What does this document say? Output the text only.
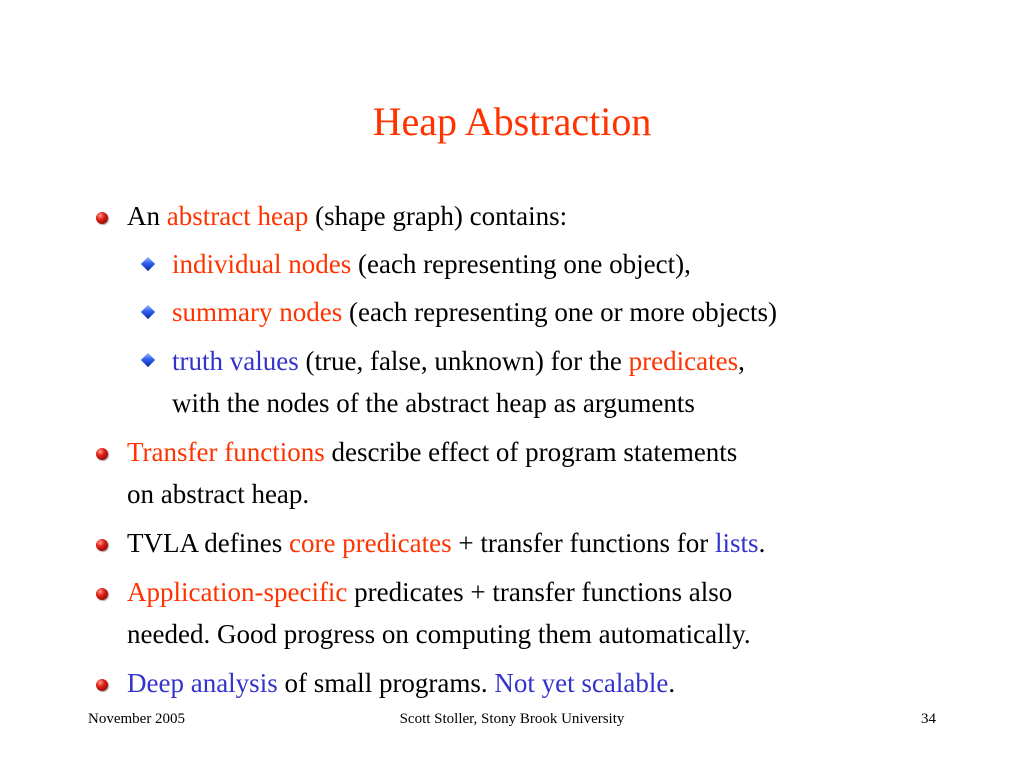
Heap Abstraction
An abstract heap (shape graph) contains:
individual nodes (each representing one object),
summary nodes (each representing one or more objects)
truth values (true, false, unknown) for the predicates,
with the nodes of the abstract heap as arguments
Transfer functions describe effect of program statements
on abstract heap.
TVLA defines core predicates + transfer functions for lists.
Application-specific predicates + transfer functions also
needed. Good progress on computing them automatically.
Deep analysis of small programs. Not yet scalable.
November 2005	Scott Stoller, Stony Brook University	34
